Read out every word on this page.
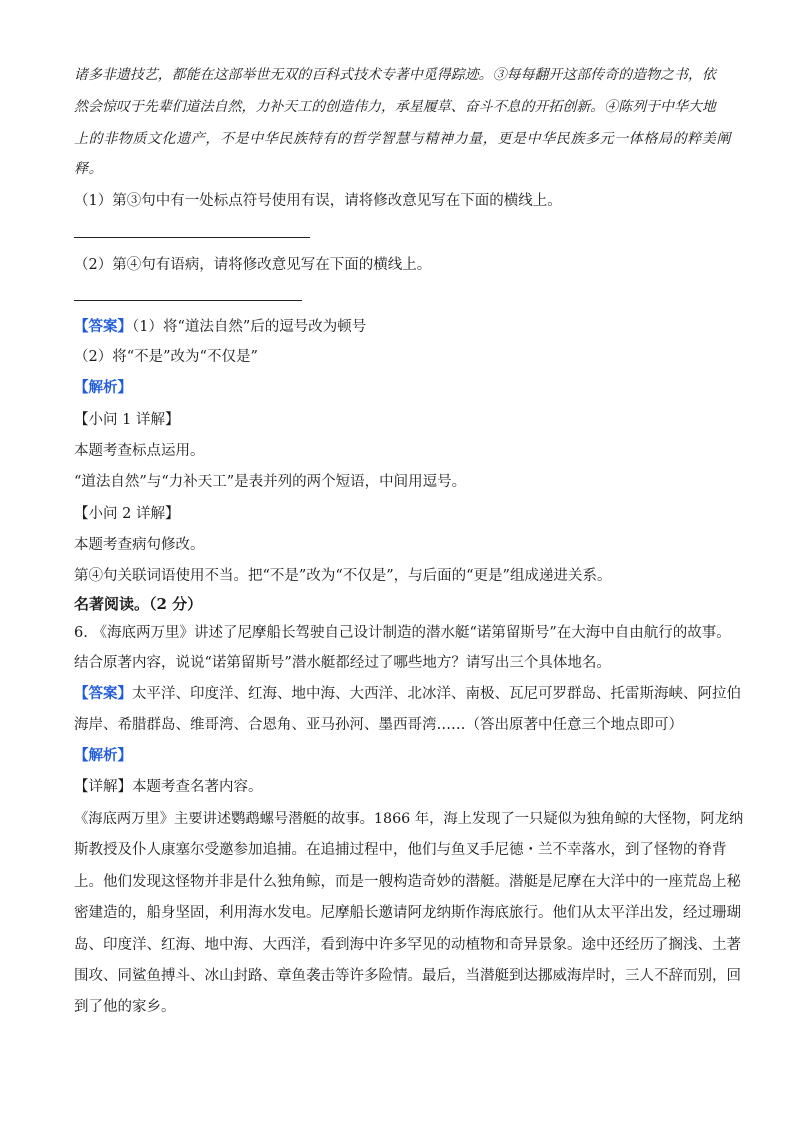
诸多非遗技艺，都能在这部举世无双的百科式技术专著中觅得踪迹。③每每翻开这部传奇的造物之书，依
然会惊叹于先辈们道法自然，力补天工的创造伟力，承星履草、奋斗不息的开拓创新。④陈列于中华大地
上的非物质文化遗产，不是中华民族特有的哲学智慧与精神力量，更是中华民族多元一体格局的粹美阐
释。
（1）第③句中有一处标点符号使用有误，请将修改意见写在下面的横线上。
（2）第④句有语病，请将修改意见写在下面的横线上。
【答案】（1）将“道法自然”后的逗号改为顿号
（2）将“不是”改为“不仅是”
【解析】
【小问 1 详解】
本题考查标点运用。
“道法自然”与“力补天工”是表并列的两个短语，中间用逗号。
【小问 2 详解】
本题考查病句修改。
第④句关联词语使用不当。把“不是”改为“不仅是”，与后面的“更是”组成递进关系。
名著阅读。（2 分）
6. 《海底两万里》讲述了尼摩船长驾驶自己设计制造的潜水艇“诺第留斯号”在大海中自由航行的故事。
结合原著内容，说说“诺第留斯号”潜水艇都经过了哪些地方？请写出三个具体地名。
【答案】太平洋、印度洋、红海、地中海、大西洋、北冰洋、南极、瓦尼可罗群岛、托雷斯海峡、阿拉伯
海岸、希腊群岛、维哥湾、合恩角、亚马孙河、墨西哥湾……（答出原著中任意三个地点即可）
【解析】
【详解】本题考查名著内容。
《海底两万里》主要讲述鹦鹉螺号潜艇的故事。1866 年，海上发现了一只疑似为独角鲸的大怪物，阿龙纳
斯教授及仆人康塞尔受邀参加追捕。在追捕过程中，他们与鱼叉手尼德・兰不幸落水，到了怪物的脊背
上。他们发现这怪物并非是什么独角鲸，而是一艘构造奇妙的潜艇。潜艇是尼摩在大洋中的一座荒岛上秘
密建造的，船身坚固，利用海水发电。尼摩船长邀请阿龙纳斯作海底旅行。他们从太平洋出发，经过珊瑚
岛、印度洋、红海、地中海、大西洋，看到海中许多罕见的动植物和奇异景象。途中还经历了搁浅、土著
围攻、同鲨鱼搏斗、冰山封路、章鱼袭击等许多险情。最后，当潜艇到达挪威海岸时，三人不辞而别，回
到了他的家乡。
